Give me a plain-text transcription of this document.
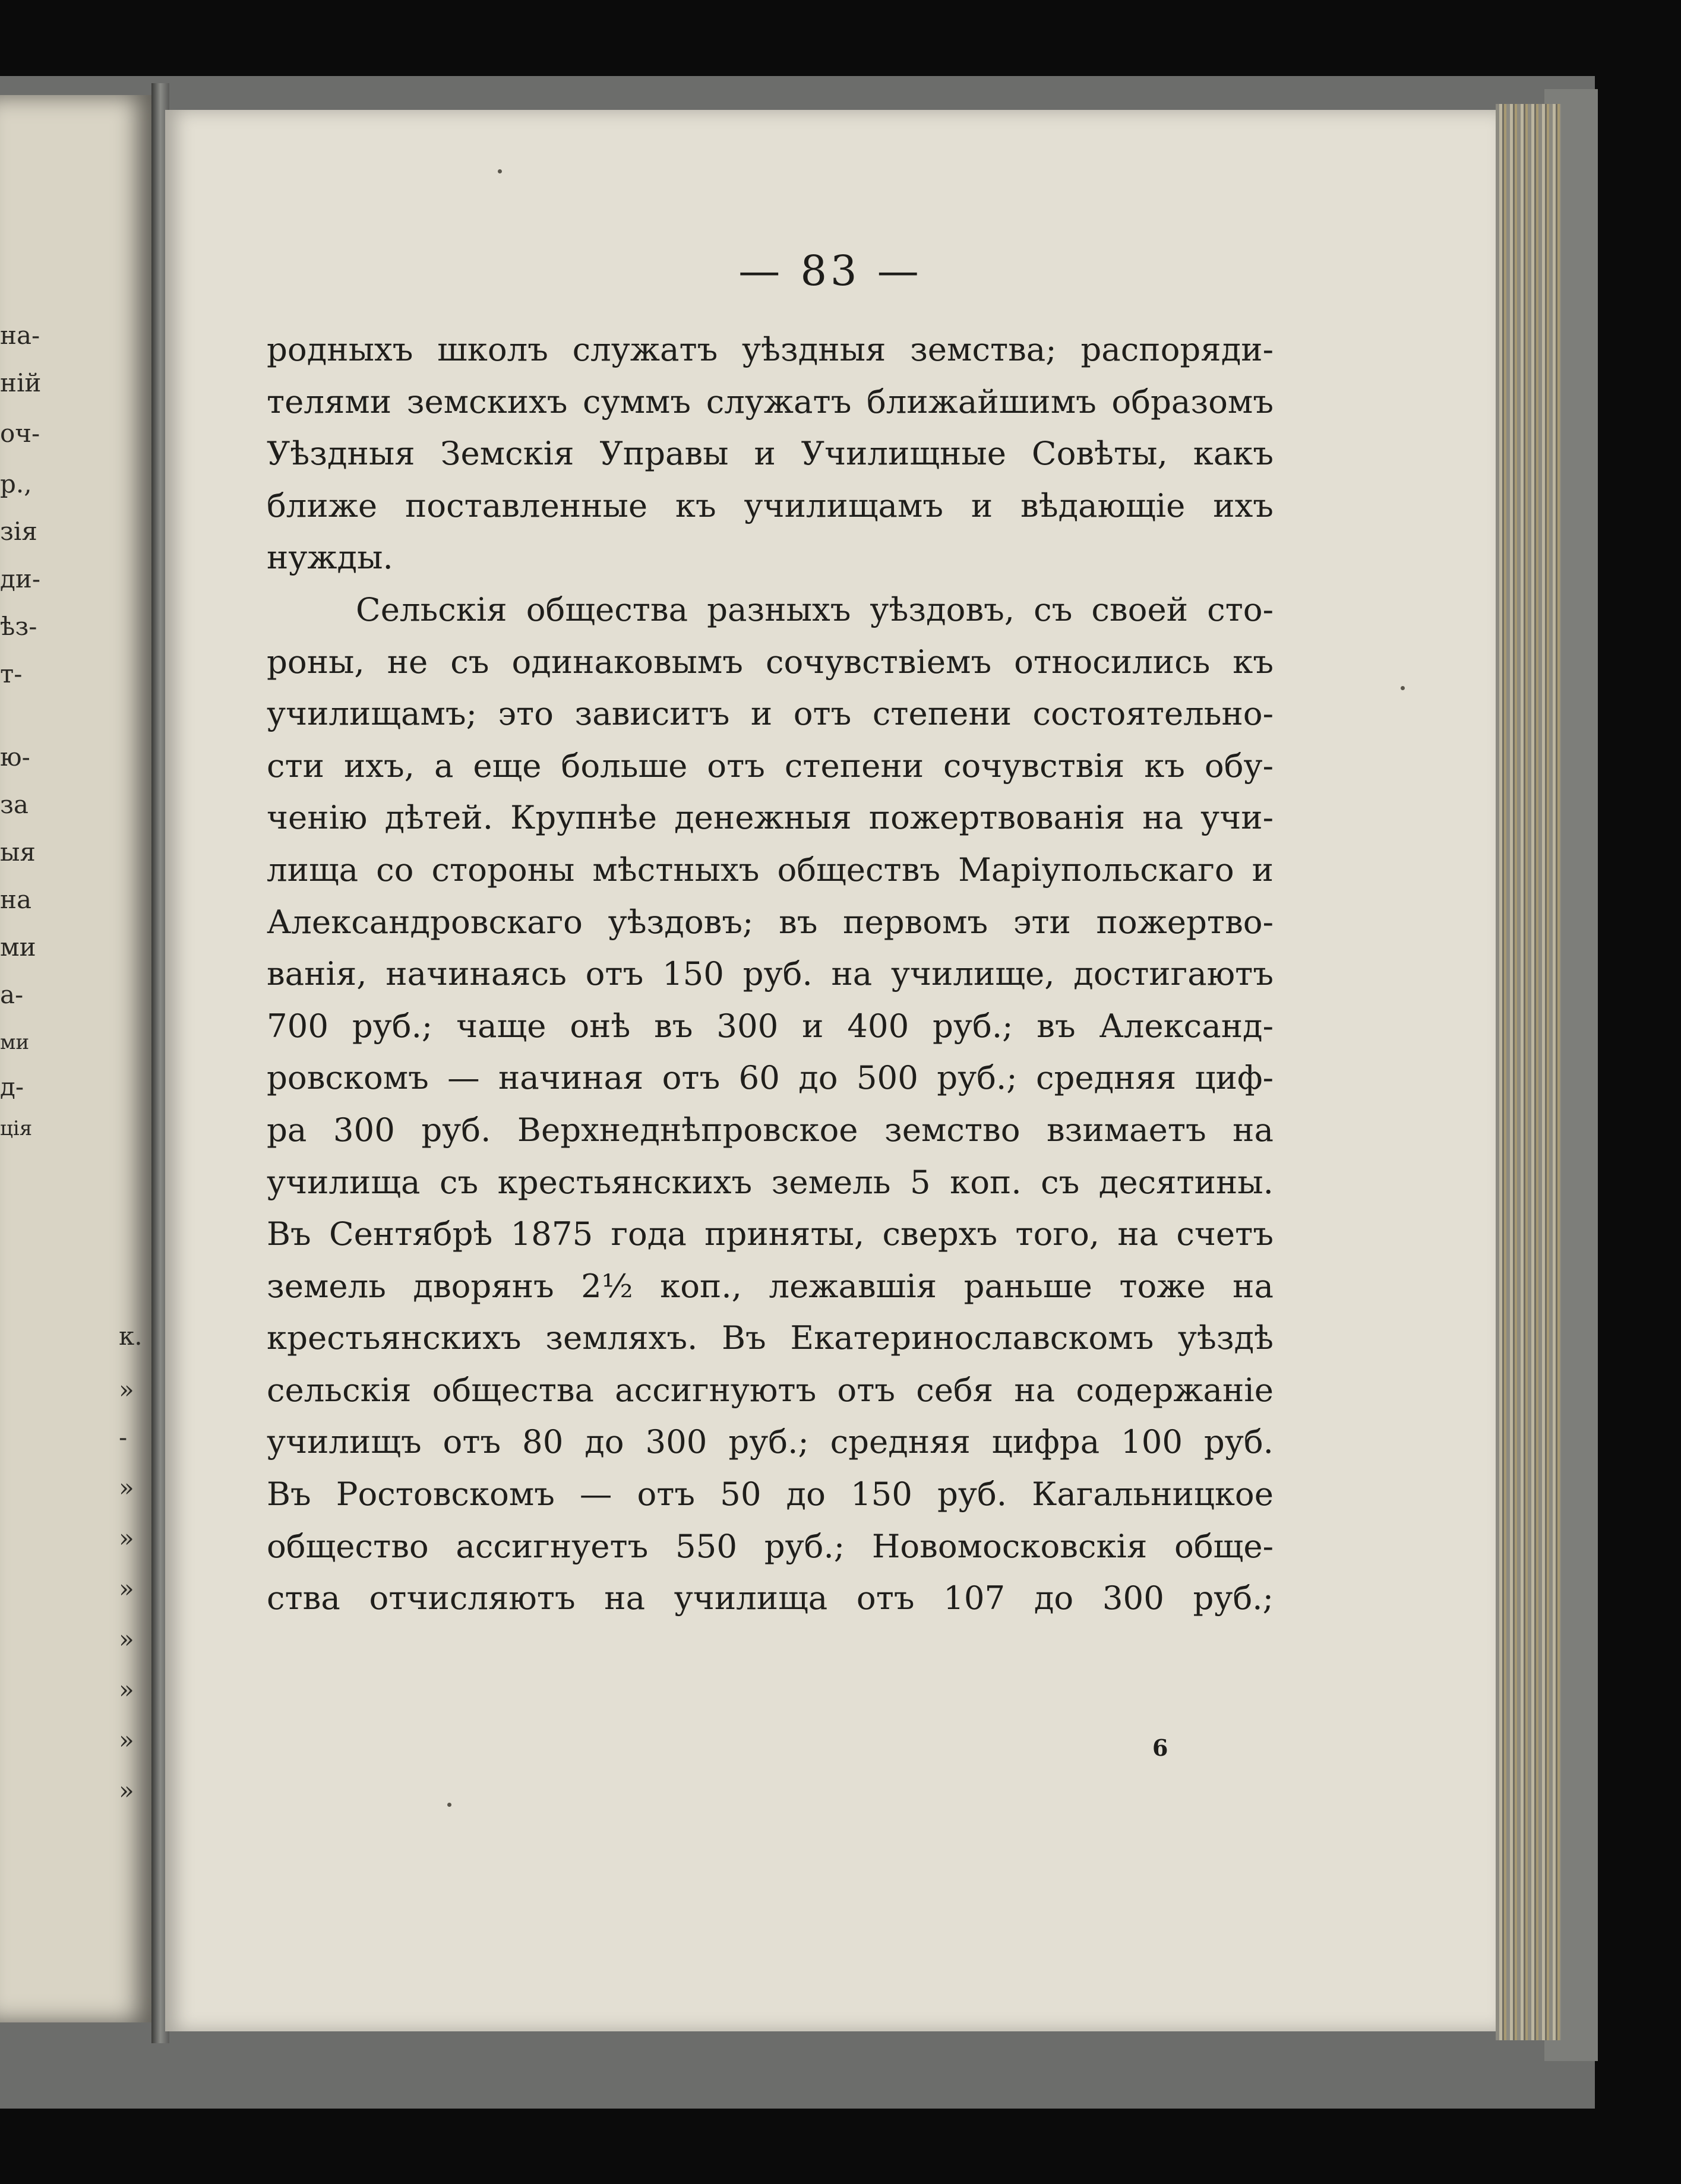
на-
ній
оч-
р.,
зія
ди-
ѣз-
т-
ю-
за
ыя
на
ми
а-
ми
д-
ція
к.
»
-
»
»
»
»
»
»
»
— 83 —
родныхъ школъ служатъ уѣздныя земства; распоряди-
телями земскихъ суммъ служатъ ближайшимъ образомъ
Уѣздныя Земскія Управы и Училищные Совѣты, какъ
ближе поставленные къ училищамъ и вѣдающіе ихъ
нужды.
Сельскія общества разныхъ уѣздовъ, съ своей сто-
роны, не съ одинаковымъ сочувствіемъ относились къ
училищамъ; это зависитъ и отъ степени состоятельно-
сти ихъ, а еще больше отъ степени сочувствія къ обу-
ченію дѣтей. Крупнѣе денежныя пожертвованія на учи-
лища со стороны мѣстныхъ обществъ Маріупольскаго и
Александровскаго уѣздовъ; въ первомъ эти пожертво-
ванія, начинаясь отъ 150 руб. на училище, достигаютъ
700 руб.; чаще онѣ въ 300 и 400 руб.; въ Александ-
ровскомъ — начиная отъ 60 до 500 руб.; средняя циф-
ра 300 руб. Верхнеднѣпровское земство взимаетъ на
училища съ крестьянскихъ земель 5 коп. съ десятины.
Въ Сентябрѣ 1875 года приняты, сверхъ того, на счетъ
земель дворянъ 2½ коп., лежавшія раньше тоже на
крестьянскихъ земляхъ. Въ Екатеринославскомъ уѣздѣ
сельскія общества ассигнуютъ отъ себя на содержаніе
училищъ отъ 80 до 300 руб.; средняя цифра 100 руб.
Въ Ростовскомъ — отъ 50 до 150 руб. Кагальницкое
общество ассигнуетъ 550 руб.; Новомосковскія обще-
ства отчисляютъ на училища отъ 107 до 300 руб.;
6
